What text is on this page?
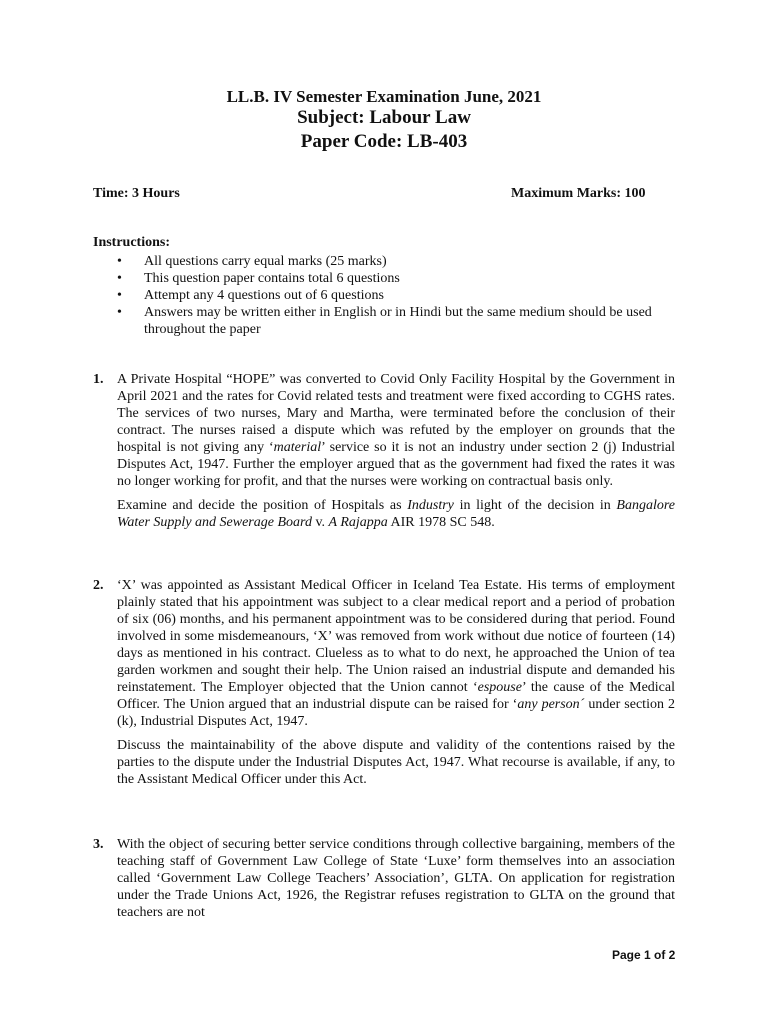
LL.B. IV Semester Examination June, 2021
Subject: Labour Law
Paper Code: LB-403
Time: 3 Hours	Maximum Marks: 100
Instructions:
• All questions carry equal marks (25 marks)
• This question paper contains total 6 questions
• Attempt any 4 questions out of 6 questions
• Answers may be written either in English or in Hindi but the same medium should be used throughout the paper
1. A Private Hospital “HOPE” was converted to Covid Only Facility Hospital by the Government in April 2021 and the rates for Covid related tests and treatment were fixed according to CGHS rates. The services of two nurses, Mary and Martha, were terminated before the conclusion of their contract. The nurses raised a dispute which was refuted by the employer on grounds that the hospital is not giving any ‘material’ service so it is not an industry under section 2 (j) Industrial Disputes Act, 1947. Further the employer argued that as the government had fixed the rates it was no longer working for profit, and that the nurses were working on contractual basis only.

Examine and decide the position of Hospitals as Industry in light of the decision in Bangalore Water Supply and Sewerage Board v. A Rajappa AIR 1978 SC 548.

2. ‘X’ was appointed as Assistant Medical Officer in Iceland Tea Estate. His terms of employment plainly stated that his appointment was subject to a clear medical report and a period of probation of six (06) months, and his permanent appointment was to be considered during that period. Found involved in some misdemeanours, ‘X’ was removed from work without due notice of fourteen (14) days as mentioned in his contract. Clueless as to what to do next, he approached the Union of tea garden workmen and sought their help. The Union raised an industrial dispute and demanded his reinstatement. The Employer objected that the Union cannot ‘espouse’ the cause of the Medical Officer. The Union argued that an industrial dispute can be raised for ‘any person´ under section 2 (k), Industrial Disputes Act, 1947.

Discuss the maintainability of the above dispute and validity of the contentions raised by the parties to the dispute under the Industrial Disputes Act, 1947. What recourse is available, if any, to the Assistant Medical Officer under this Act.

3. With the object of securing better service conditions through collective bargaining, members of the teaching staff of Government Law College of State ‘Luxe’ form themselves into an association called ‘Government Law College Teachers’ Association’, GLTA. On application for registration under the Trade Unions Act, 1926, the Registrar refuses registration to GLTA on the ground that teachers are not

Page 1 of 2
